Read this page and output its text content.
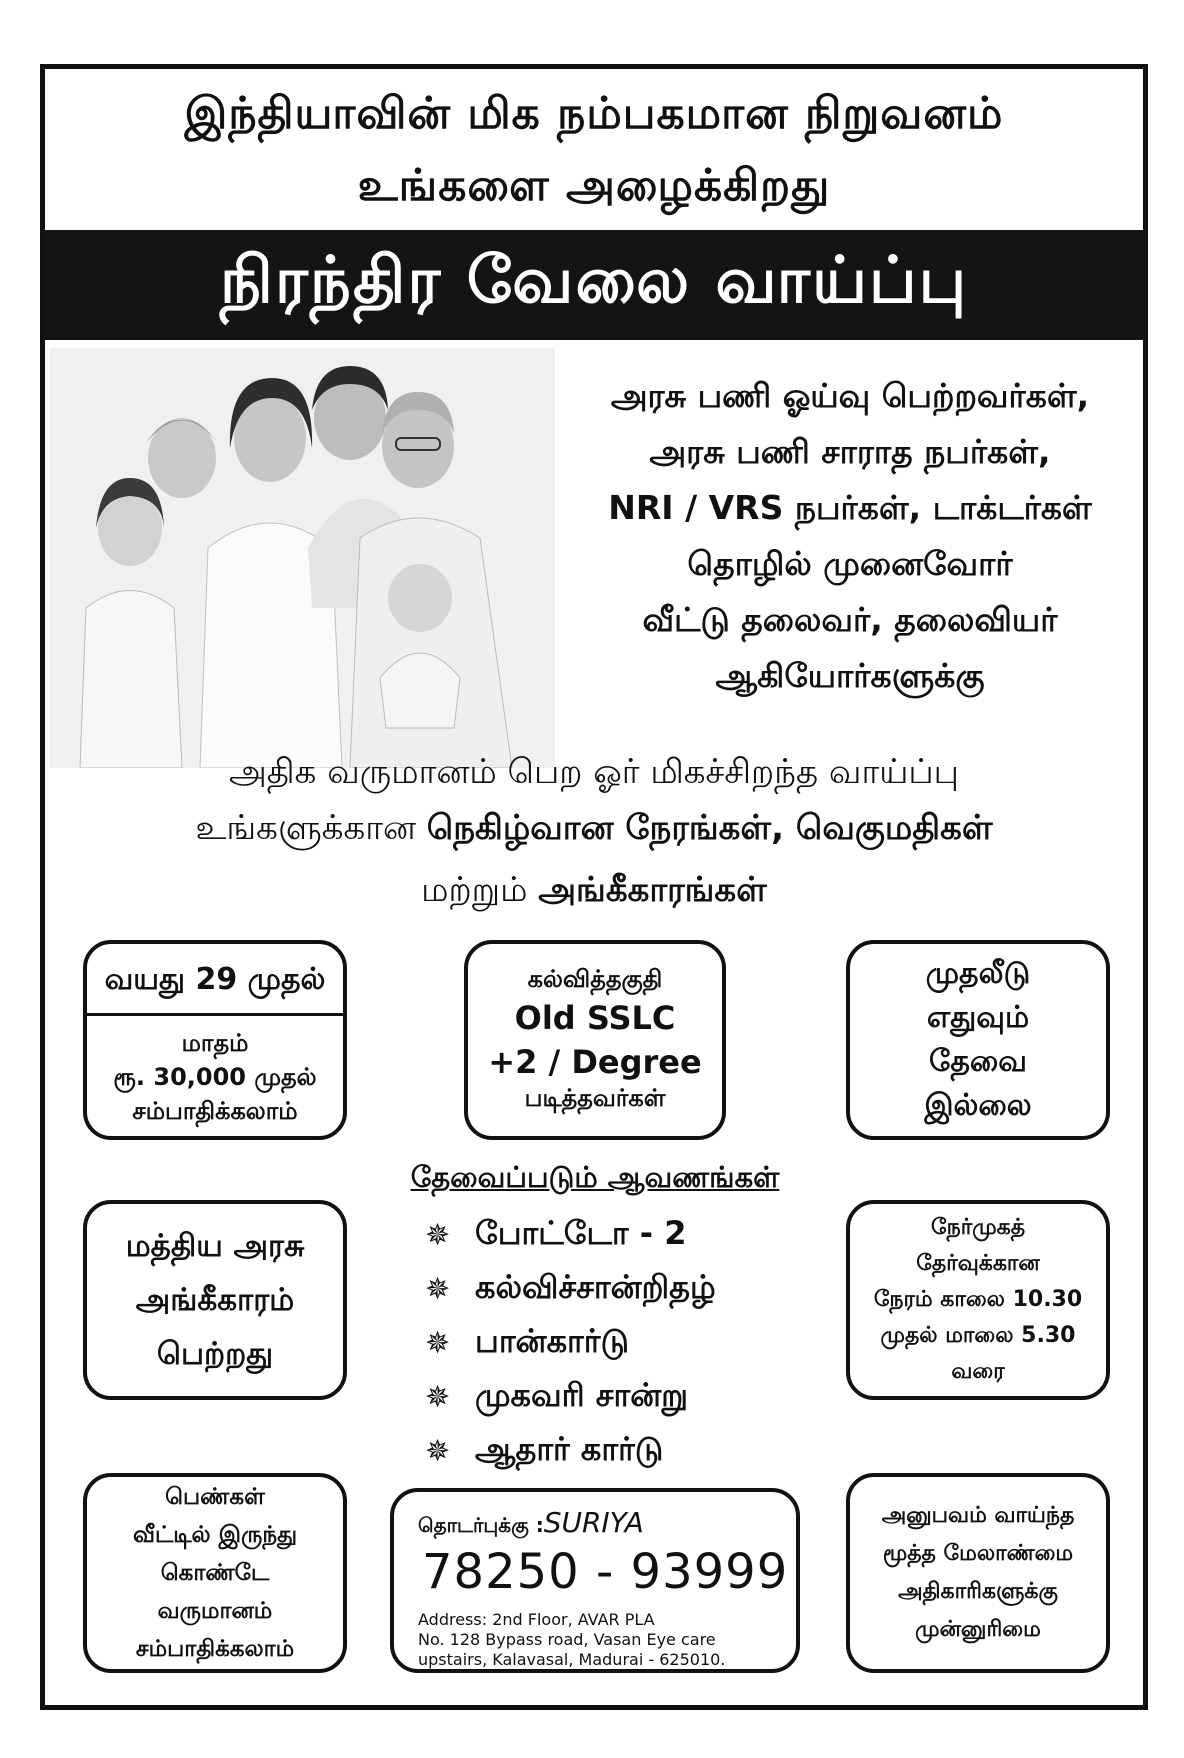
இந்தியாவின் மிக நம்பகமான நிறுவனம்
உங்களை அழைக்கிறது
நிரந்திர வேலை வாய்ப்பு
அரசு பணி ஓய்வு பெற்றவர்கள்,
அரசு பணி சாராத நபர்கள்,
NRI / VRS நபர்கள், டாக்டர்கள்
தொழில் முனைவோர்
வீட்டு தலைவர், தலைவியர்
ஆகியோர்களுக்கு
அதிக வருமானம் பெற ஓர் மிகச்சிறந்த வாய்ப்பு
உங்களுக்கான நெகிழ்வான நேரங்கள், வெகுமதிகள்
மற்றும் அங்கீகாரங்கள்
வயது 29 முதல்
மாதம்
ரூ. 30,000 முதல்
சம்பாதிக்கலாம்
கல்வித்தகுதி
Old SSLC
+2 / Degree
படித்தவர்கள்
முதலீடு
எதுவும்
தேவை
இல்லை
தேவைப்படும் ஆவணங்கள்
✵ போட்டோ - 2
✵ கல்விச்சான்றிதழ்
✵ பான்கார்டு
✵ முகவரி சான்று
✵ ஆதார் கார்டு
மத்திய அரசு
அங்கீகாரம்
பெற்றது
நேர்முகத்
தேர்வுக்கான
நேரம் காலை 10.30
முதல் மாலை 5.30
வரை
பெண்கள்
வீட்டில் இருந்து
கொண்டே
வருமானம்
சம்பாதிக்கலாம்
தொடர்புக்கு :SURIYA
78250 - 93999
Address: 2nd Floor, AVAR PLA
No. 128 Bypass road, Vasan Eye care
upstairs, Kalavasal, Madurai - 625010.
அனுபவம் வாய்ந்த
மூத்த மேலாண்மை
அதிகாரிகளுக்கு
முன்னுரிமை
